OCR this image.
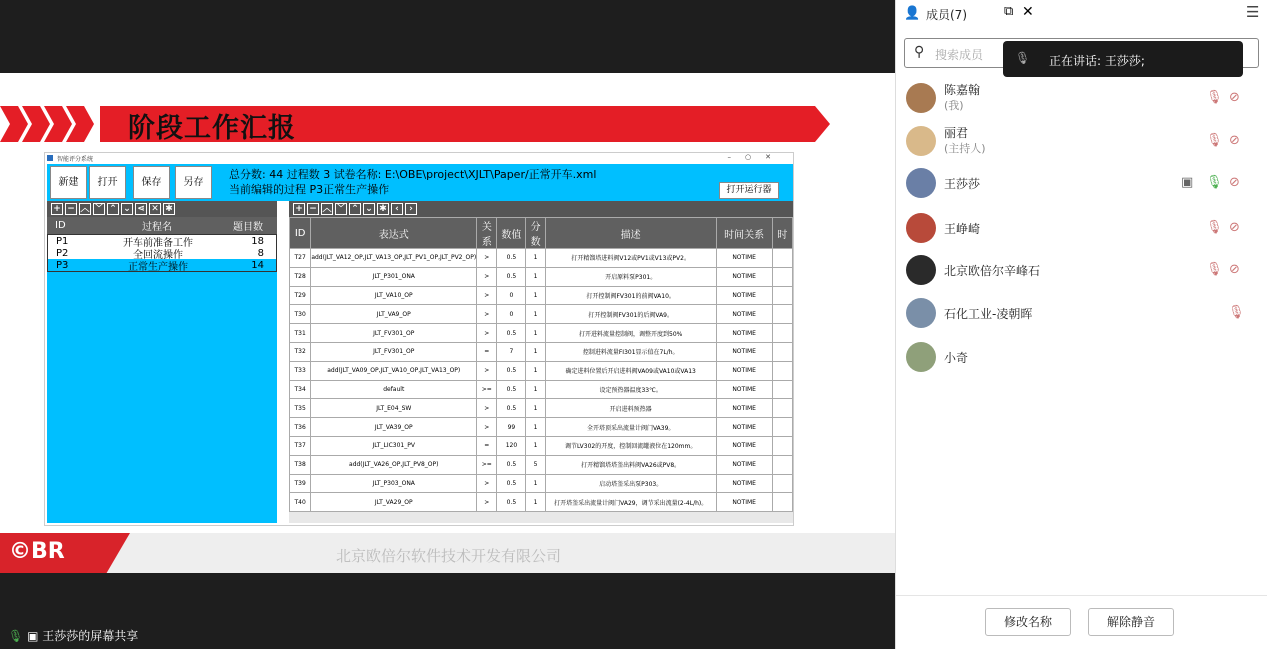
阶段工作汇报
智能评分系统	–○✕
新建	打开	保存	另存
总分数: 44 过程数 3 试卷名称: E:\OBE\project\XJLT\Paper/正常开车.xml
当前编辑的过程 P3正常生产操作	打开运行器
+ − ︿ ﹀ ⌃ ⌄ ⋖ ✕ ✱
ID	过程名	题目数
P1	开车前准备工作	18
P2	全回流操作	8
P3	正常生产操作	14
+ − ︿ ﹀ ⌃ ⌄ ✱ ‹	›
ID	表达式	关系	数值	分数	描述	时间关系	时
T27	add(JLT_VA12_OP,JLT_VA13_OP,JLT_PV1_OP,JLT_PV2_OP)	>	0.5	1	打开精馏塔进料阀V12或PV1或V13或PV2。	NOTIME	
T28	JLT_P301_ONA	>	0.5	1	开启原料泵P301。	NOTIME	
T29	JLT_VA10_OP	>	0	1	打开控制阀FV301的前阀VA10。	NOTIME	
T30	JLT_VA9_OP	>	0	1	打开控制阀FV301的后阀VA9。	NOTIME	
T31	JLT_FV301_OP	>	0.5	1	打开进料流量控制阀，调整开度到50%	NOTIME	
T32	JLT_FV301_OP	=	7	1	控制进料流量FI301显示值在7L/h。	NOTIME	
T33	add(JLT_VA09_OP,JLT_VA10_OP,JLT_VA13_OP)	>	0.5	1	确定进料位置后开启进料阀VA09或VA10或VA13	NOTIME	
T34	default	>=	0.5	1	设定预热器温度33℃。	NOTIME	
T35	JLT_E04_SW	>	0.5	1	开启进料预热器	NOTIME	
T36	JLT_VA39_OP	>	99	1	全开塔顶采出流量计阀门VA39。	NOTIME	
T37	JLT_LIC301_PV	=	120	1	调节LV302的开度，控制回流罐液位在120mm。	NOTIME	
T38	add(JLT_VA26_OP,JLT_PV8_OP)	>=	0.5	5	打开精馏塔塔釜出料阀VA26或PV8。	NOTIME	
T39	JLT_P303_ONA	>	0.5	1	启动塔釜采出泵P303。	NOTIME	
T40	JLT_VA29_OP	>	0.5	1	打开塔釜采出流量计阀门VA29，调节采出流量(2-4L/h)。	NOTIME	
©BR	北京欧倍尔软件技术开发有限公司
🎙 ▣ 王莎莎的屏幕共享
👤 成员(7)	⧉ ✕	☰
⚲ 搜索成员	🎙 正在讲话: 王莎莎;
陈嘉翰
(我)
🎙 ⊘
丽君
(主持人)
🎙 ⊘
王莎莎	🎙 ⊘
▣
王峥崎	🎙 ⊘
北京欧倍尔辛峰石	🎙 ⊘
石化工业-凌朝晖	🎙
小奇
修改名称	解除静音
